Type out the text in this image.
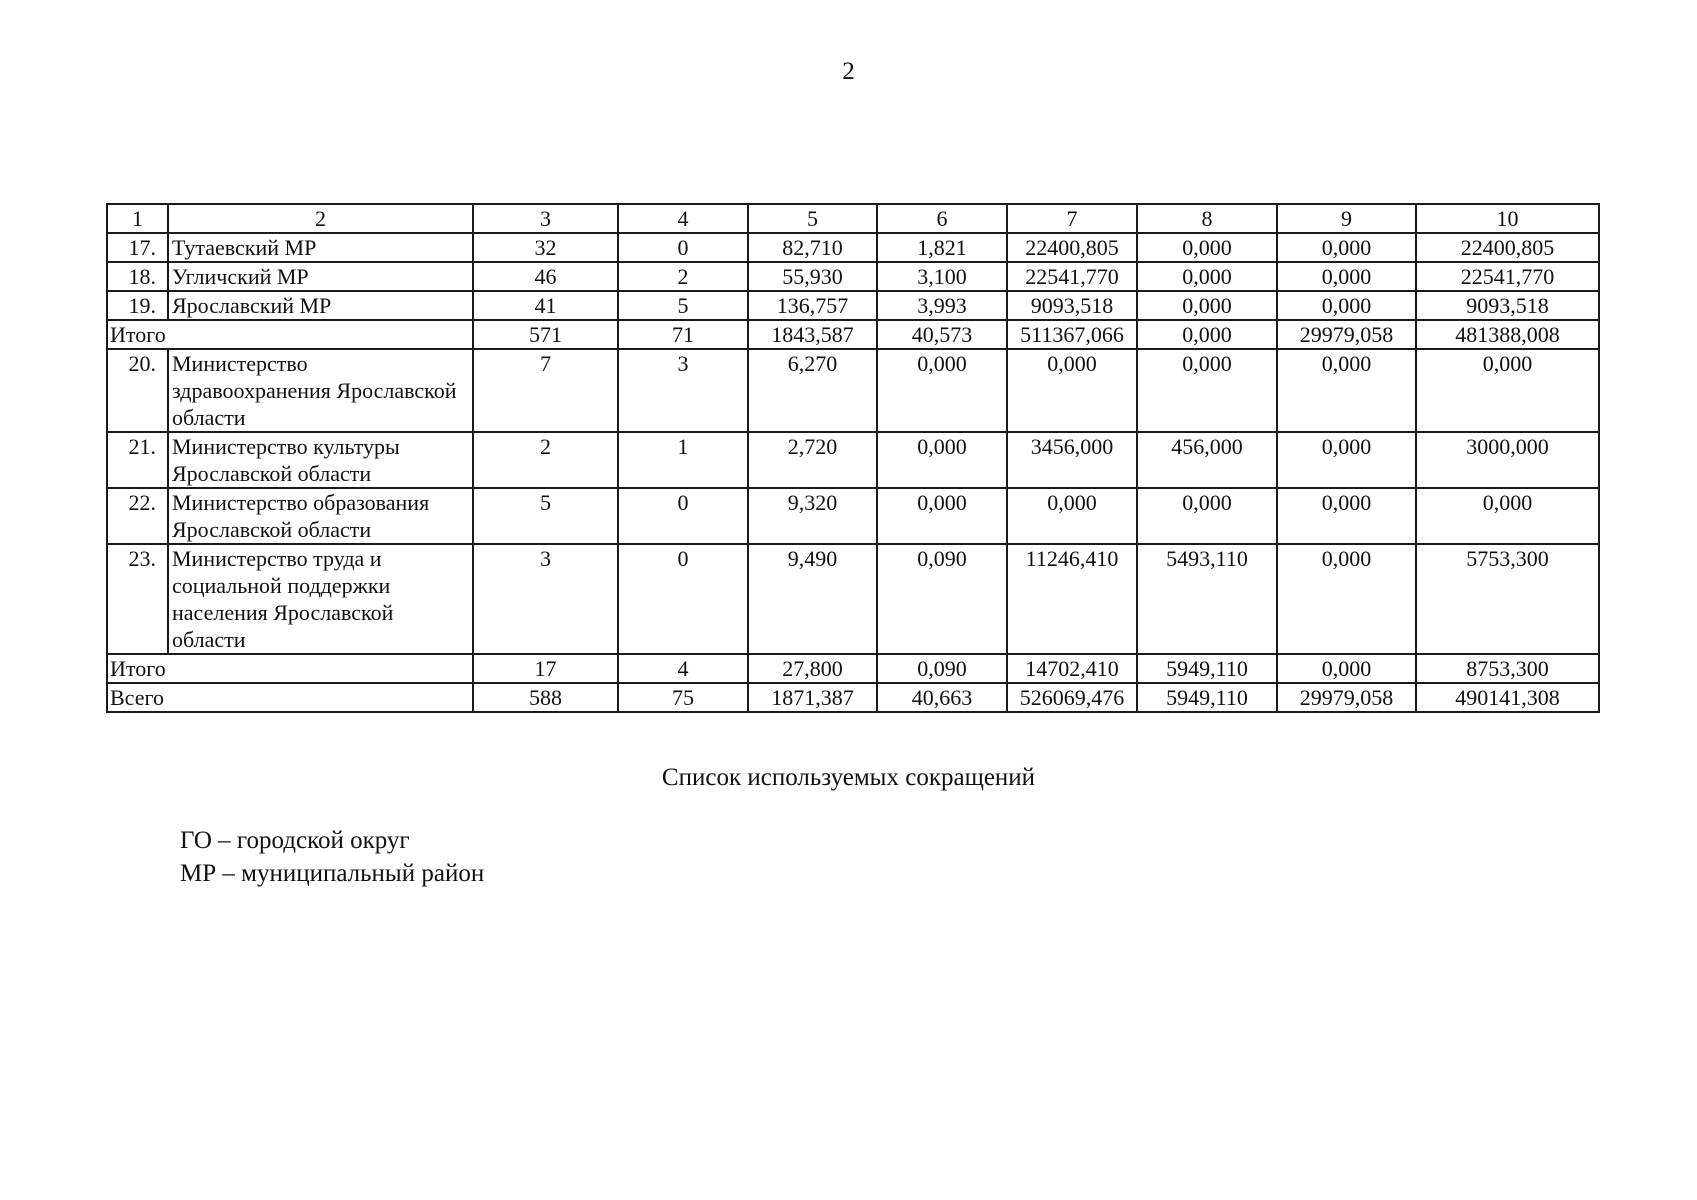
2
1	2	3	4	5	6	7	8	9	10
17.	Тутаевский МР	32	0	82,710	1,821	22400,805	0,000	0,000	22400,805
18.	Угличский МР	46	2	55,930	3,100	22541,770	0,000	0,000	22541,770
19.	Ярославский МР	41	5	136,757	3,993	9093,518	0,000	0,000	9093,518
Итого		571	71	1843,587	40,573	511367,066	0,000	29979,058	481388,008
20.	Министерство здравоохранения Ярославской области	7	3	6,270	0,000	0,000	0,000	0,000	0,000
21.	Министерство культуры Ярославской области	2	1	2,720	0,000	3456,000	456,000	0,000	3000,000
22.	Министерство образования Ярославской области	5	0	9,320	0,000	0,000	0,000	0,000	0,000
23.	Министерство труда и социальной поддержки населения Ярославской области	3	0	9,490	0,090	11246,410	5493,110	0,000	5753,300
Итого		17	4	27,800	0,090	14702,410	5949,110	0,000	8753,300
Всего		588	75	1871,387	40,663	526069,476	5949,110	29979,058	490141,308
Список используемых сокращений
ГО – городской округ
МР – муниципальный район
